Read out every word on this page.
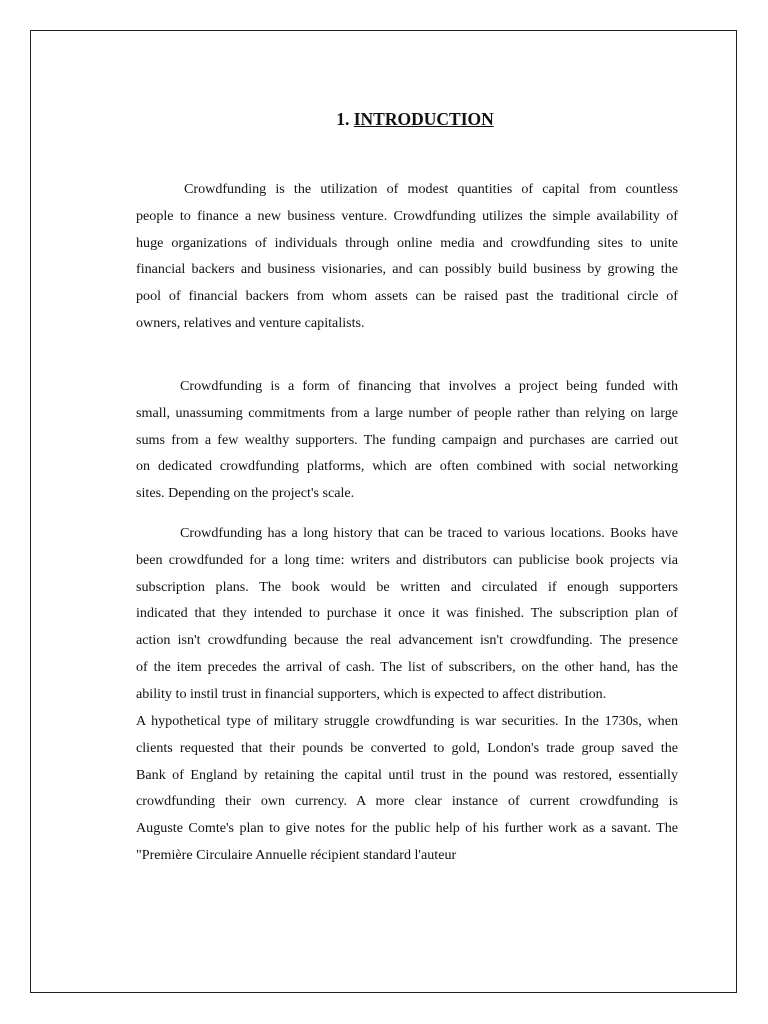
1. INTRODUCTION
Crowdfunding is the utilization of modest quantities of capital from countless
people to finance a new business venture. Crowdfunding utilizes the simple availability of
huge organizations of individuals through online media and crowdfunding sites to unite
financial backers and business visionaries, and can possibly build business by growing the
pool of financial backers from whom assets can be raised past the traditional circle of
owners, relatives and venture capitalists.
Crowdfunding is a form of financing that involves a project being funded with
small, unassuming commitments from a large number of people rather than relying on large
sums from a few wealthy supporters. The funding campaign and purchases are carried out
on dedicated crowdfunding platforms, which are often combined with social networking
sites. Depending on the project's scale.
Crowdfunding has a long history that can be traced to various locations. Books have
been crowdfunded for a long time: writers and distributors can publicise book projects via
subscription plans. The book would be written and circulated if enough supporters
indicated that they intended to purchase it once it was finished. The subscription plan of
action isn't crowdfunding because the real advancement isn't crowdfunding. The presence
of the item precedes the arrival of cash. The list of subscribers, on the other hand, has the
ability to instil trust in financial supporters, which is expected to affect distribution.
A hypothetical type of military struggle crowdfunding is war securities. In the 1730s, when
clients requested that their pounds be converted to gold, London's trade group saved the
Bank of England by retaining the capital until trust in the pound was restored, essentially
crowdfunding their own currency. A more clear instance of current crowdfunding is
Auguste Comte's plan to give notes for the public help of his further work as a savant. The
"Première Circulaire Annuelle récipient standard l'auteur
